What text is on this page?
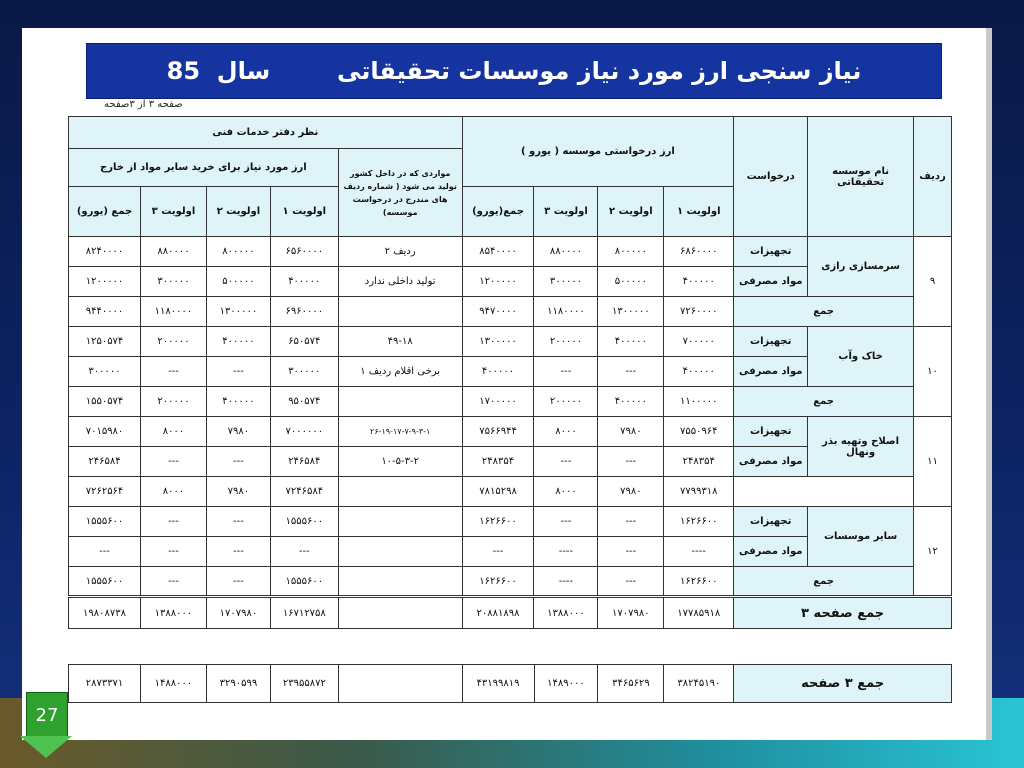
85
سال
	نیاز سنجی ارز مورد نیاز موسسات تحقیقاتی
صفحه ۳ از ۳صفحه
ردیف	نام موسسه تحقیقاتی	درخواست	ارز درخواستی موسسه ( یورو )				نظر دفتر خدمات فنی				
							مواردی که در داخل کشور تولید می شود ( شماره ردیف های مندرج در درخواست موسسه)	ارز مورد نیاز برای خرید سایر مواد از خارج			
			اولویت ۱	اولویت ۲	اولویت ۳	جمع(یورو)		اولویت ۱	اولویت ۲	اولویت ۳	جمع (یورو)
۹	سرمسازی رازی	تجهیزات	۶۸۶۰۰۰۰	۸۰۰۰۰۰	۸۸۰۰۰۰	۸۵۴۰۰۰۰	ردیف ۲	۶۵۶۰۰۰۰	۸۰۰۰۰۰	۸۸۰۰۰۰	۸۲۴۰۰۰۰
		مواد مصرفی	۴۰۰۰۰۰	۵۰۰۰۰۰	۳۰۰۰۰۰	۱۲۰۰۰۰۰	تولید داخلی ندارد	۴۰۰۰۰۰	۵۰۰۰۰۰	۳۰۰۰۰۰	۱۲۰۰۰۰۰
	جمع		۷۲۶۰۰۰۰	۱۳۰۰۰۰۰	۱۱۸۰۰۰۰	۹۴۷۰۰۰۰		۶۹۶۰۰۰۰	۱۳۰۰۰۰۰	۱۱۸۰۰۰۰	۹۴۴۰۰۰۰
۱۰	خاک وآب	تجهیزات	۷۰۰۰۰۰	۴۰۰۰۰۰	۲۰۰۰۰۰	۱۳۰۰۰۰۰	۴۹-۱۸	۶۵۰۵۷۴	۴۰۰۰۰۰	۲۰۰۰۰۰	۱۲۵۰۵۷۴
		مواد مصرفی	۴۰۰۰۰۰	---	---	۴۰۰۰۰۰	برخی اقلام ردیف ۱	۳۰۰۰۰۰	---	---	۳۰۰۰۰۰
	جمع		۱۱۰۰۰۰۰	۴۰۰۰۰۰	۲۰۰۰۰۰	۱۷۰۰۰۰۰		۹۵۰۵۷۴	۴۰۰۰۰۰	۲۰۰۰۰۰	۱۵۵۰۵۷۴
۱۱	اصلاح وتهیه بذر ونهال	تجهیزات	۷۵۵۰۹۶۴	۷۹۸۰	۸۰۰۰	۷۵۶۶۹۴۴	۲۶-۱۹-۱۷-۷-۹-۳-۱	۷۰۰۰۰۰۰	۷۹۸۰	۸۰۰۰	۷۰۱۵۹۸۰
		مواد مصرفی	۲۴۸۳۵۴	---	---	۲۴۸۳۵۴	۱۰-۵-۳-۲	۲۴۶۵۸۴	---	---	۲۴۶۵۸۴
			۷۷۹۹۳۱۸	۷۹۸۰	۸۰۰۰	۷۸۱۵۲۹۸		۷۲۴۶۵۸۴	۷۹۸۰	۸۰۰۰	۷۲۶۲۵۶۴
۱۲	سایر موسسات	تجهیزات	۱۶۲۶۶۰۰	---	---	۱۶۲۶۶۰۰		۱۵۵۵۶۰۰	---	---	۱۵۵۵۶۰۰
		مواد مصرفی	----	---	----	---		---	---	---	---
	جمع		۱۶۲۶۶۰۰	---	----	۱۶۲۶۶۰۰		۱۵۵۵۶۰۰	---	---	۱۵۵۵۶۰۰
جمع صفحه ۳			۱۷۷۸۵۹۱۸	۱۷۰۷۹۸۰	۱۳۸۸۰۰۰	۲۰۸۸۱۸۹۸		۱۶۷۱۲۷۵۸	۱۷۰۷۹۸۰	۱۳۸۸۰۰۰	۱۹۸۰۸۷۳۸
جمع ۳ صفحه	۳۸۲۴۵۱۹۰	۳۴۶۵۶۲۹	۱۴۸۹۰۰۰	۴۳۱۹۹۸۱۹		۲۳۹۵۵۸۷۲	۳۲۹۰۵۹۹	۱۴۸۸۰۰۰	۲۸۷۳۳۷۱
27
